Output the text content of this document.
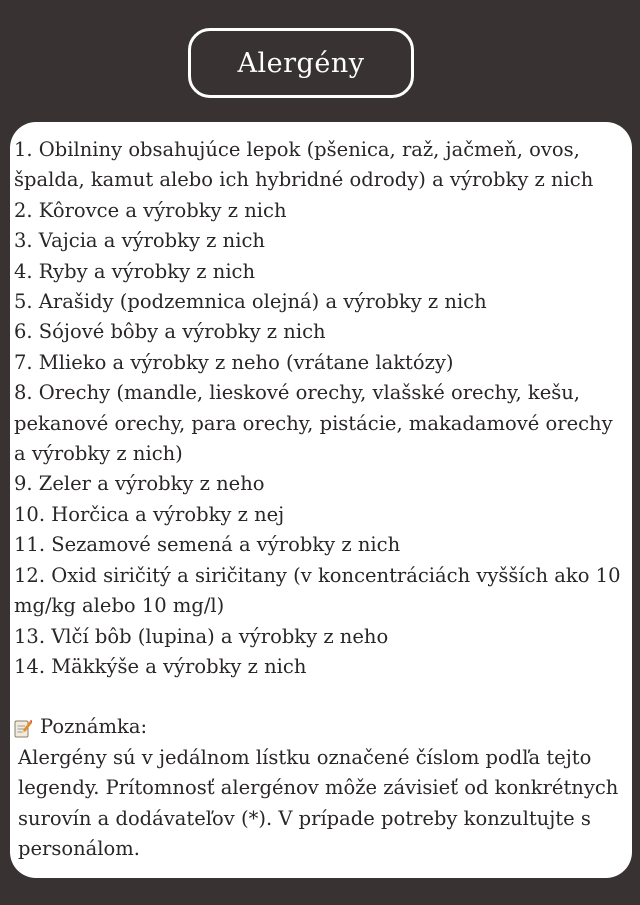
Alergény
1. Obilniny obsahujúce lepok (pšenica, raž, jačmeň, ovos, špalda, kamut alebo ich hybridné odrody) a výrobky z nich
2. Kôrovce a výrobky z nich
3. Vajcia a výrobky z nich
4. Ryby a výrobky z nich
5. Arašidy (podzemnica olejná) a výrobky z nich
6. Sójové bôby a výrobky z nich
7. Mlieko a výrobky z neho (vrátane laktózy)
8. Orechy (mandle, lieskové orechy, vlašské orechy, kešu, pekanové orechy, para orechy, pistácie, makadamové orechy a výrobky z nich)
9. Zeler a výrobky z neho
10. Horčica a výrobky z nej
11. Sezamové semená a výrobky z nich
12. Oxid siričitý a siričitany (v koncentráciách vyšších ako 10 mg/kg alebo 10 mg/l)
13. Vlčí bôb (lupina) a výrobky z neho
14. Mäkkýše a výrobky z nich
Poznámka:

Alergény sú v jedálnom lístku označené číslom podľa tejto legendy. Prítomnosť alergénov môže závisieť od konkrétnych surovín a dodávateľov (*). V prípade potreby konzultujte s personálom.
